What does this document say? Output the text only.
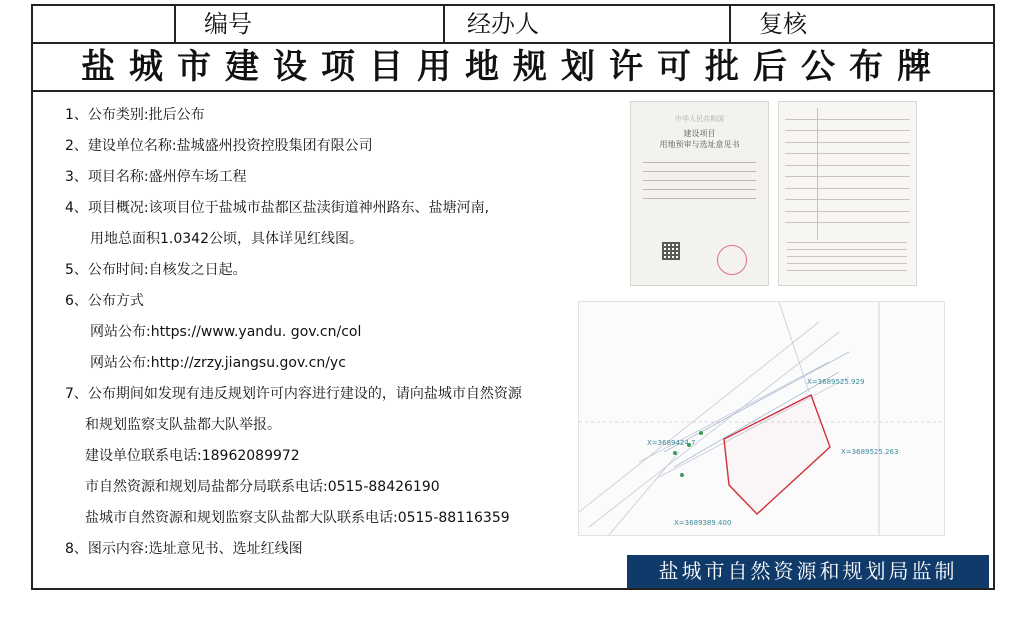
编号	经办人	复核
盐城市建设项目用地规划许可批后公布牌
1、公布类别:批后公布
2、建设单位名称:盐城盛州投资控股集团有限公司
3、项目名称:盛州停车场工程
4、项目概况:该项目位于盐城市盐都区盐渎街道神州路东、盐塘河南,
用地总面积1.0342公顷，具体详见红线图。
5、公布时间:自核发之日起。
6、公布方式
网站公布:https://www.yandu. gov.cn/col
网站公布:http://zrzy.jiangsu.gov.cn/yc
7、公布期间如发现有违反规划许可内容进行建设的，请向盐城市自然资源
和规划监察支队盐都大队举报。
建设单位联系电话:18962089972
市自然资源和规划局盐都分局联系电话:0515-88426190
盐城市自然资源和规划监察支队盐都大队联系电话:0515-88116359
8、图示内容:选址意见书、选址红线图
中华人民共和国
建设项目
用地预审与选址意见书
X=3689525.929
X=3689525.263
X=3689424.7
X=3689389.400
盐城市自然资源和规划局监制
